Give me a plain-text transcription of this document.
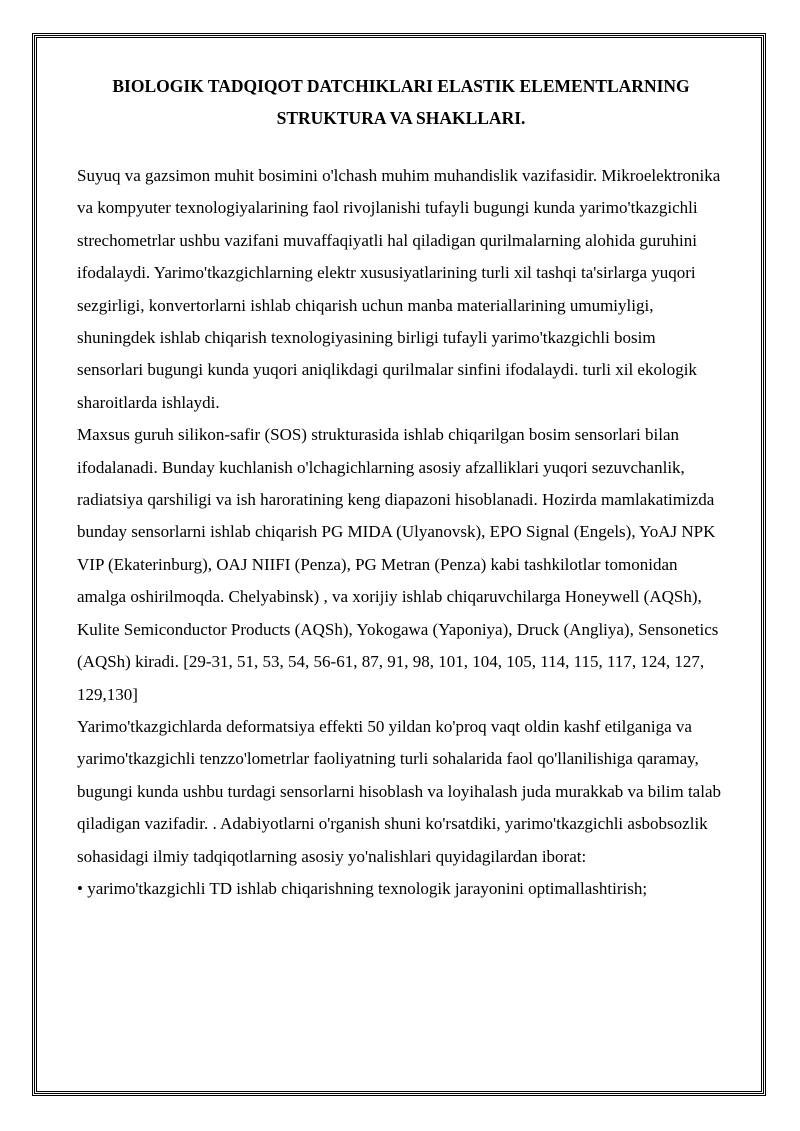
BIOLOGIK TADQIQOT DATCHIKLARI ELASTIK ELEMENTLARNING
STRUKTURA VA SHAKLLARI.

Suyuq va gazsimon muhit bosimini o'lchash muhim muhandislik vazifasidir. Mikroelektronika va kompyuter texnologiyalarining faol rivojlanishi tufayli bugungi kunda yarimo'tkazgichli strechometrlar ushbu vazifani muvaffaqiyatli hal qiladigan qurilmalarning alohida guruhini ifodalaydi. Yarimo'tkazgichlarning elektr xususiyatlarining turli xil tashqi ta'sirlarga yuqori sezgirligi, konvertorlarni ishlab chiqarish uchun manba materiallarining umumiyligi, shuningdek ishlab chiqarish texnologiyasining birligi tufayli yarimo'tkazgichli bosim sensorlari bugungi kunda yuqori aniqlikdagi qurilmalar sinfini ifodalaydi. turli xil ekologik sharoitlarda ishlaydi.

Maxsus guruh silikon-safir (SOS) strukturasida ishlab chiqarilgan bosim sensorlari bilan ifodalanadi. Bunday kuchlanish o'lchagichlarning asosiy afzalliklari yuqori sezuvchanlik, radiatsiya qarshiligi va ish haroratining keng diapazoni hisoblanadi. Hozirda mamlakatimizda bunday sensorlarni ishlab chiqarish PG MIDA (Ulyanovsk), EPO Signal (Engels), YoAJ NPK VIP (Ekaterinburg), OAJ NIIFI (Penza), PG Metran (Penza) kabi tashkilotlar tomonidan amalga oshirilmoqda. Chelyabinsk) , va xorijiy ishlab chiqaruvchilarga Honeywell (AQSh), Kulite Semiconductor Products (AQSh), Yokogawa (Yaponiya), Druck (Angliya), Sensonetics (AQSh) kiradi. [29-31, 51, 53, 54, 56-61, 87, 91, 98, 101, 104, 105, 114, 115, 117, 124, 127, 129,130]

Yarimo'tkazgichlarda deformatsiya effekti 50 yildan ko'proq vaqt oldin kashf etilganiga va yarimo'tkazgichli tenzzo'lometrlar faoliyatning turli sohalarida faol qo'llanilishiga qaramay, bugungi kunda ushbu turdagi sensorlarni hisoblash va loyihalash juda murakkab va bilim talab qiladigan vazifadir. . Adabiyotlarni o'rganish shuni ko'rsatdiki, yarimo'tkazgichli asbobsozlik sohasidagi ilmiy tadqiqotlarning asosiy yo'nalishlari quyidagilardan iborat:

• yarimo'tkazgichli TD ishlab chiqarishning texnologik jarayonini optimallashtirish;
